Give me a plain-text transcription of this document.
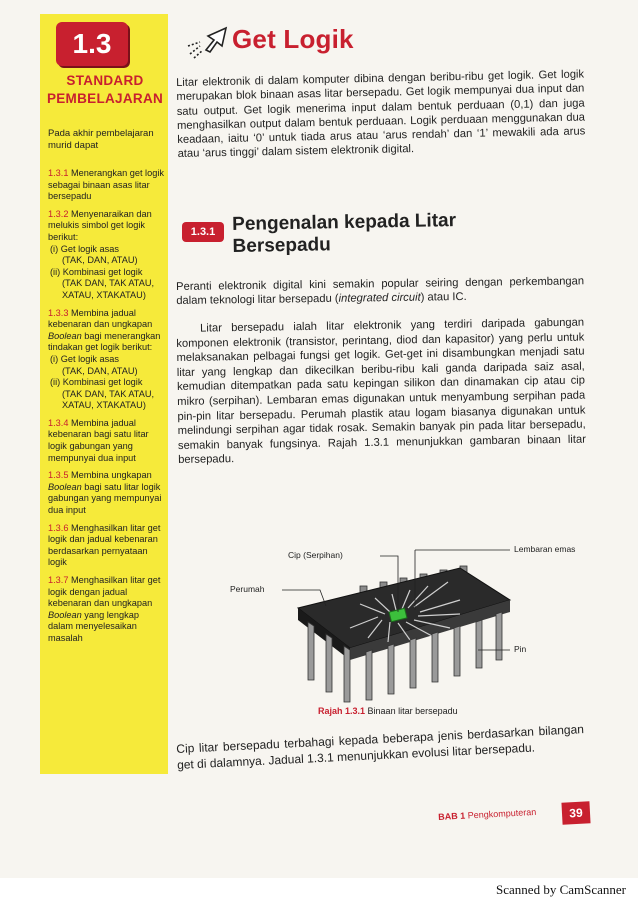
1.3
STANDARD
PEMBELAJARAN
Pada akhir pembelajaran murid dapat
1.3.1 Menerangkan get logik sebagai binaan asas litar bersepadu
1.3.2 Menyenaraikan dan melukis simbol get logik berikut:
(i) Get logik asas
(TAK, DAN, ATAU)
(ii) Kombinasi get logik
(TAK DAN, TAK ATAU,
XATAU, XTAKATAU)
1.3.3 Membina jadual kebenaran dan ungkapan Boolean bagi menerangkan tindakan get logik berikut:
(i) Get logik asas
(TAK, DAN, ATAU)
(ii) Kombinasi get logik
(TAK DAN, TAK ATAU,
XATAU, XTAKATAU)
1.3.4 Membina jadual kebenaran bagi satu litar logik gabungan yang mempunyai dua input
1.3.5 Membina ungkapan Boolean bagi satu litar logik gabungan yang mempunyai dua input
1.3.6 Menghasilkan litar get logik dan jadual kebenaran berdasarkan pernyataan logik
1.3.7 Menghasilkan litar get logik dengan jadual kebenaran dan ungkapan Boolean yang lengkap dalam menyelesaikan masalah
Get Logik
Litar elektronik di dalam komputer dibina dengan beribu-ribu get logik. Get logik merupakan blok binaan asas litar bersepadu. Get logik mempunyai dua input dan satu output. Get logik menerima input dalam bentuk perduaan (0,1) dan juga menghasilkan output dalam bentuk perduaan. Logik perduaan menggunakan dua keadaan, iaitu ‘0’ untuk tiada arus atau ‘arus rendah’ dan ‘1’ mewakili ada arus atau ‘arus tinggi’ dalam sistem elektronik digital.
1.3.1 Pengenalan kepada Litar
Bersepadu
Peranti elektronik digital kini semakin popular seiring dengan perkembangan dalam teknologi litar bersepadu (integrated circuit) atau IC.
Litar bersepadu ialah litar elektronik yang terdiri daripada gabungan komponen elektronik (transistor, perintang, diod dan kapasitor) yang perlu untuk melaksanakan pelbagai fungsi get logik. Get-get ini disambungkan menjadi satu litar yang lengkap dan dikecilkan beribu-ribu kali ganda daripada saiz asal, kemudian ditempatkan pada satu kepingan silikon dan dinamakan cip atau cip mikro (serpihan). Lembaran emas digunakan untuk menyambung serpihan pada pin-pin litar bersepadu. Perumah plastik atau logam biasanya digunakan untuk melindungi serpihan agar tidak rosak. Semakin banyak pin pada litar bersepadu, semakin banyak fungsinya. Rajah 1.3.1 menunjukkan gambaran binaan litar bersepadu.
Cip (Serpihan)
Lembaran emas
Perumah
Pin
Rajah 1.3.1 Binaan litar bersepadu
Cip litar bersepadu terbahagi kepada beberapa jenis berdasarkan bilangan get di dalamnya. Jadual 1.3.1 menunjukkan evolusi litar bersepadu.
BAB 1 Pengkomputeran	39
Scanned by CamScanner
